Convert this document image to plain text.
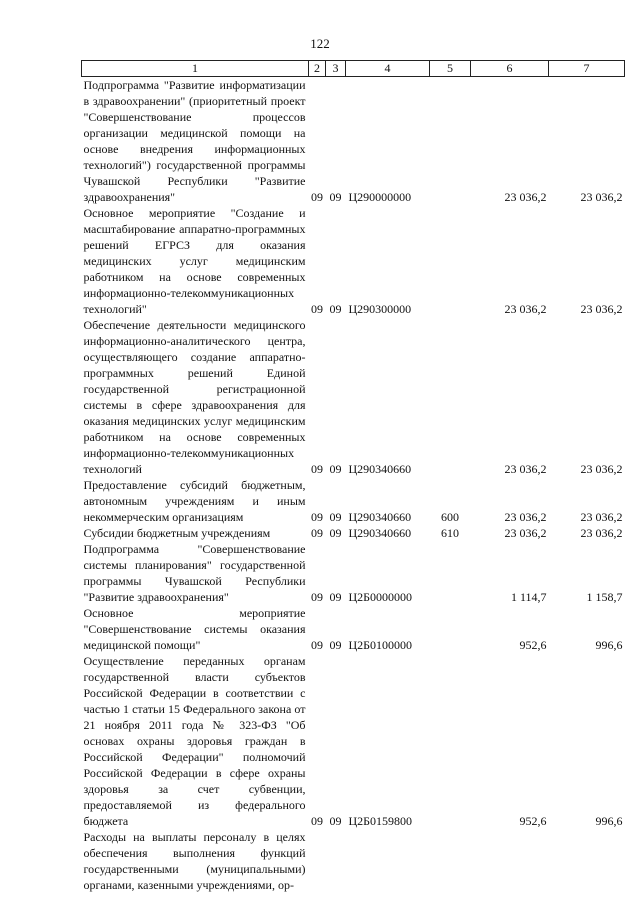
122
1	2	3	4	5	6	7
Подпрограмма "Развитие информатизации в здравоохранении" (приоритетный проект "Совершенствование процессов организации медицинской помощи на основе внедрения информационных технологий") государственной программы Чувашской Республики "Развитие здравоохранения"	09	09	Ц290000000		23 036,2	23 036,2
Основное мероприятие "Создание и масштабирование аппаратно-программных решений ЕГРСЗ для оказания медицинских услуг медицинским работником на основе современных информационно-телекоммуникационных технологий"	09	09	Ц290300000		23 036,2	23 036,2
Обеспечение деятельности медицинского информационно-аналитического центра, осуществляющего создание аппаратно-программных решений Единой государственной регистрационной системы в сфере здравоохранения для оказания медицинских услуг медицинским работником на основе современных информационно-телекоммуникационных технологий	09	09	Ц290340660		23 036,2	23 036,2
Предоставление субсидий бюджетным, автономным учреждениям и иным некоммерческим организациям	09	09	Ц290340660	600	23 036,2	23 036,2
Субсидии бюджетным учреждениям	09	09	Ц290340660	610	23 036,2	23 036,2
Подпрограмма "Совершенствование системы планирования" государственной программы Чувашской Республики "Развитие здравоохранения"	09	09	Ц2Б0000000		1 114,7	1 158,7
Основное мероприятие "Совершенствование системы оказания медицинской помощи"	09	09	Ц2Б0100000		952,6	996,6
Осуществление переданных органам государственной власти субъектов Российской Федерации в соответствии с частью 1 статьи 15 Федерального закона от 21 ноября 2011 года № 323-ФЗ "Об основах охраны здоровья граждан в Российской Федерации" полномочий Российской Федерации в сфере охраны здоровья за счет субвенции, предоставляемой из федерального бюджета	09	09	Ц2Б0159800		952,6	996,6
Расходы на выплаты персоналу в целях обеспечения выполнения функций государственными (муниципальными) органами, казенными учреждениями, ор-						
